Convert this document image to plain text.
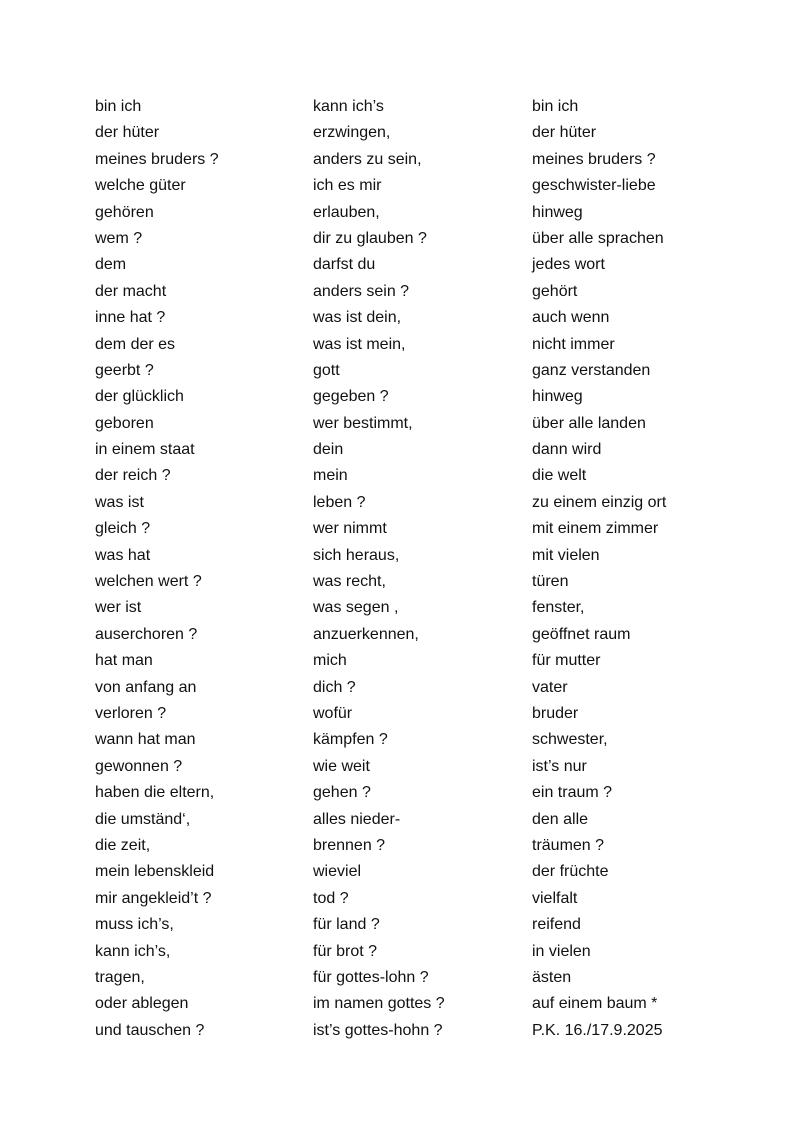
bin ich
der hüter
meines bruders ?
welche güter
gehören
wem ?
dem
der macht
inne hat ?
dem der es
geerbt ?
der glücklich
geboren
in einem staat
der reich ?
was ist
gleich ?
was hat
welchen wert ?
wer ist
auserchoren ?
hat man
von anfang an
verloren ?
wann hat man
gewonnen ?
haben die eltern,
die umständ‘,
die zeit,
mein lebenskleid
mir angekleid’t ?
muss ich’s,
kann ich’s,
tragen,
oder ablegen
und tauschen ?
kann ich’s
erzwingen,
anders zu sein,
ich es mir
erlauben,
dir zu glauben ?
darfst du
anders sein ?
was ist dein,
was ist mein,
gott
gegeben ?
wer bestimmt,
dein
mein
leben ?
wer nimmt
sich heraus,
was recht,
was segen ,
anzuerkennen,
mich
dich ?
wofür
kämpfen ?
wie weit
gehen ?
alles nieder-
brennen ?
wieviel
tod ?
für land ?
für brot ?
für gottes-lohn ?
im namen gottes ?
ist’s gottes-hohn ?
bin ich
der hüter
meines bruders ?
geschwister-liebe
hinweg
über alle sprachen
jedes wort
gehört
auch wenn
nicht immer
ganz verstanden
hinweg
über alle landen
dann wird
die welt
zu einem einzig ort
mit einem zimmer
mit vielen
türen
fenster,
geöffnet raum
für mutter
vater
bruder
schwester,
ist’s nur
ein traum ?
den alle
träumen ?
der früchte
vielfalt
reifend
in vielen
ästen
auf einem baum *
P.K. 16./17.9.2025
